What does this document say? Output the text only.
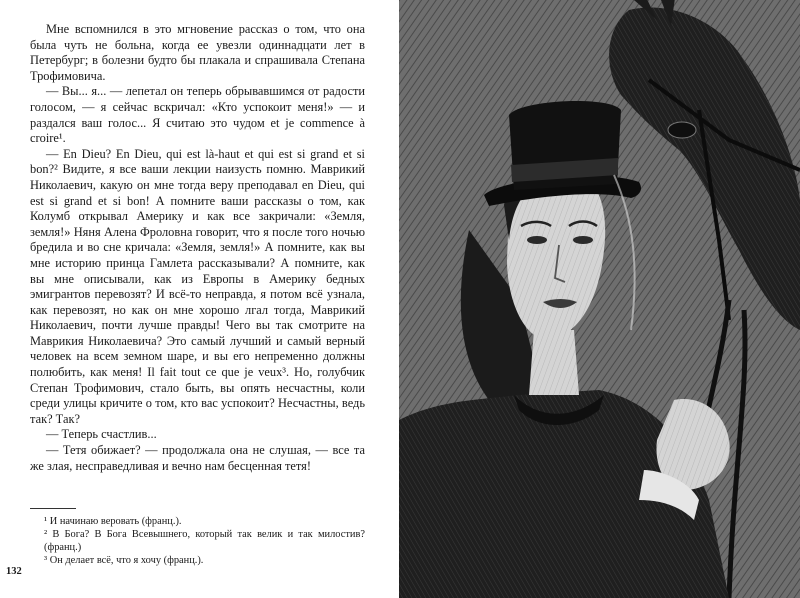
Мне вспомнился в это мгновение рассказ о том, что она была чуть не больна, когда ее увезли одиннадцати лет в Петербург; в болезни будто бы плакала и спрашивала Степана Трофимовича.

— Вы... я... — лепетал он теперь обрывавшимся от радости голосом, — я сейчас вскричал: «Кто успокоит меня!» — и раздался ваш голос... Я считаю это чудом et je commence à croire¹.

— En Dieu? En Dieu, qui est là-haut et qui est si grand et si bon?² Видите, я все ваши лекции наизусть помню. Маврикий Николаевич, какую он мне тогда веру преподавал en Dieu, qui est si grand et si bon! А помните ваши рассказы о том, как Колумб открывал Америку и как все закричали: «Земля, земля!» Няня Алена Фроловна говорит, что я после того ночью бредила и во сне кричала: «Земля, земля!» А помните, как вы мне историю принца Гамлета рассказывали? А помните, как вы мне описывали, как из Европы в Америку бедных эмигрантов перевозят? И всё-то неправда, я потом всё узнала, как перевозят, но как он мне хорошо лгал тогда, Маврикий Николаевич, почти лучше правды! Чего вы так смотрите на Маврикия Николаевича? Это самый лучший и самый верный человек на всем земном шаре, и вы его непременно должны полюбить, как меня! Il fait tout ce que je veux³. Но, голубчик Степан Трофимович, стало быть, вы опять несчастны, коли среди улицы кричите о том, кто вас успокоит? Несчастны, ведь так? Так?

— Теперь счастлив...

— Тетя обижает? — продолжала она не слушая, — все та же злая, несправедливая и вечно нам бесценная тетя!

¹ И начинаю веровать (франц.).

² В Бога? В Бога Всевышнего, который так велик и так милостив? (франц.)

³ Он делает всё, что я хочу (франц.).

132
